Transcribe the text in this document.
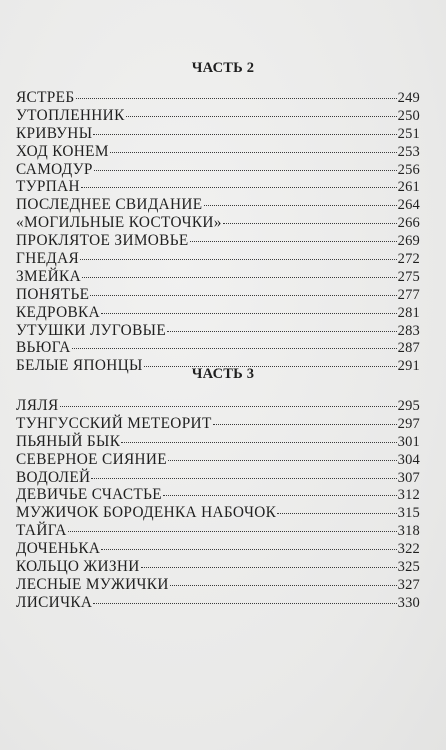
ЧАСТЬ 2
ЯСТРЕБ	249
УТОПЛЕННИК	250
КРИВУНЫ	251
ХОД КОНЕМ	253
САМОДУР	256
ТУРПАН	261
ПОСЛЕДНЕЕ СВИДАНИЕ	264
«МОГИЛЬНЫЕ КОСТОЧКИ»	266
ПРОКЛЯТОЕ ЗИМОВЬЕ	269
ГНЕДАЯ	272
ЗМЕЙКА	275
ПОНЯТЬЕ	277
КЕДРОВКА	281
УТУШКИ ЛУГОВЫЕ	283
ВЬЮГА	287
БЕЛЫЕ ЯПОНЦЫ	291
ЧАСТЬ 3
ЛЯЛЯ	295
ТУНГУССКИЙ МЕТЕОРИТ	297
ПЬЯНЫЙ БЫК	301
СЕВЕРНОЕ СИЯНИЕ	304
ВОДОЛЕЙ	307
ДЕВИЧЬЕ СЧАСТЬЕ	312
МУЖИЧОК БОРОДЕНКА НАБОЧОК	315
ТАЙГА	318
ДОЧЕНЬКА	322
КОЛЬЦО ЖИЗНИ	325
ЛЕСНЫЕ МУЖИЧКИ	327
ЛИСИЧКА	330
